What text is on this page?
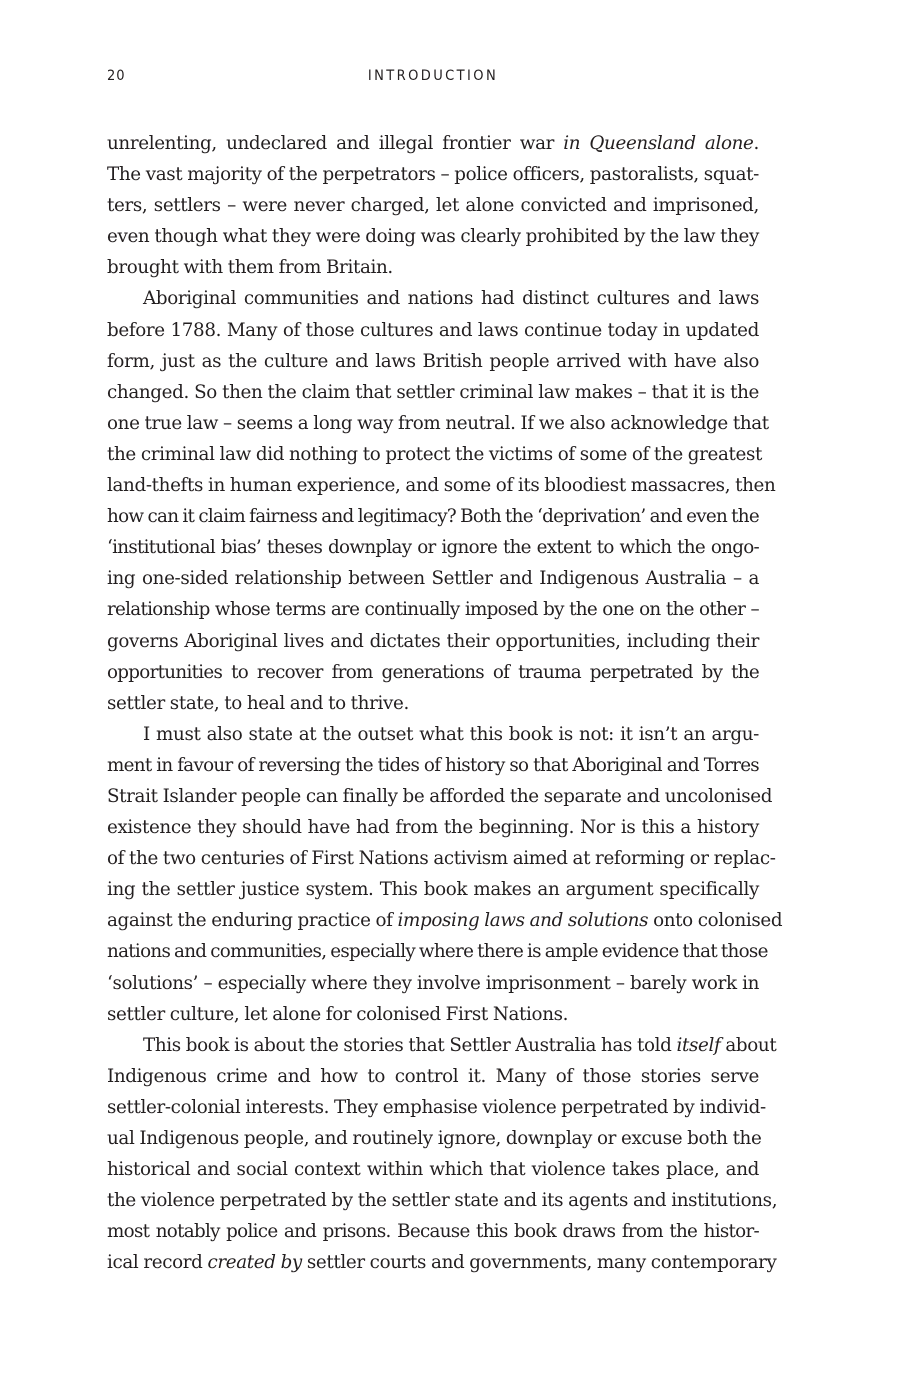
20	INTRODUCTION

unrelenting, undeclared and illegal frontier war in Queensland alone.
The vast majority of the perpetrators – police officers, pastoralists, squat-
ters, settlers – were never charged, let alone convicted and imprisoned,
even though what they were doing was clearly prohibited by the law they
brought with them from Britain.

Aboriginal communities and nations had distinct cultures and laws
before 1788. Many of those cultures and laws continue today in updated
form, just as the culture and laws British people arrived with have also
changed. So then the claim that settler criminal law makes – that it is the
one true law – seems a long way from neutral. If we also acknowledge that
the criminal law did nothing to protect the victims of some of the greatest
land-thefts in human experience, and some of its bloodiest massacres, then
how can it claim fairness and legitimacy? Both the ‘deprivation’ and even the
‘institutional bias’ theses downplay or ignore the extent to which the ongo-
ing one-sided relationship between Settler and Indigenous Australia – a
relationship whose terms are continually imposed by the one on the other –
governs Aboriginal lives and dictates their opportunities, including their
opportunities to recover from generations of trauma perpetrated by the
settler state, to heal and to thrive.

I must also state at the outset what this book is not: it isn’t an argu-
ment in favour of reversing the tides of history so that Aboriginal and Torres
Strait Islander people can finally be afforded the separate and uncolonised
existence they should have had from the beginning. Nor is this a history
of the two centuries of First Nations activism aimed at reforming or replac-
ing the settler justice system. This book makes an argument specifically
against the enduring practice of imposing laws and solutions onto colonised
nations and communities, especially where there is ample evidence that those
‘solutions’ – especially where they involve imprisonment – barely work in
settler culture, let alone for colonised First Nations.

This book is about the stories that Settler Australia has told itself about
Indigenous crime and how to control it. Many of those stories serve
settler-colonial interests. They emphasise violence perpetrated by individ-
ual Indigenous people, and routinely ignore, downplay or excuse both the
historical and social context within which that violence takes place, and
the violence perpetrated by the settler state and its agents and institutions,
most notably police and prisons. Because this book draws from the histor-
ical record created by settler courts and governments, many contemporary
